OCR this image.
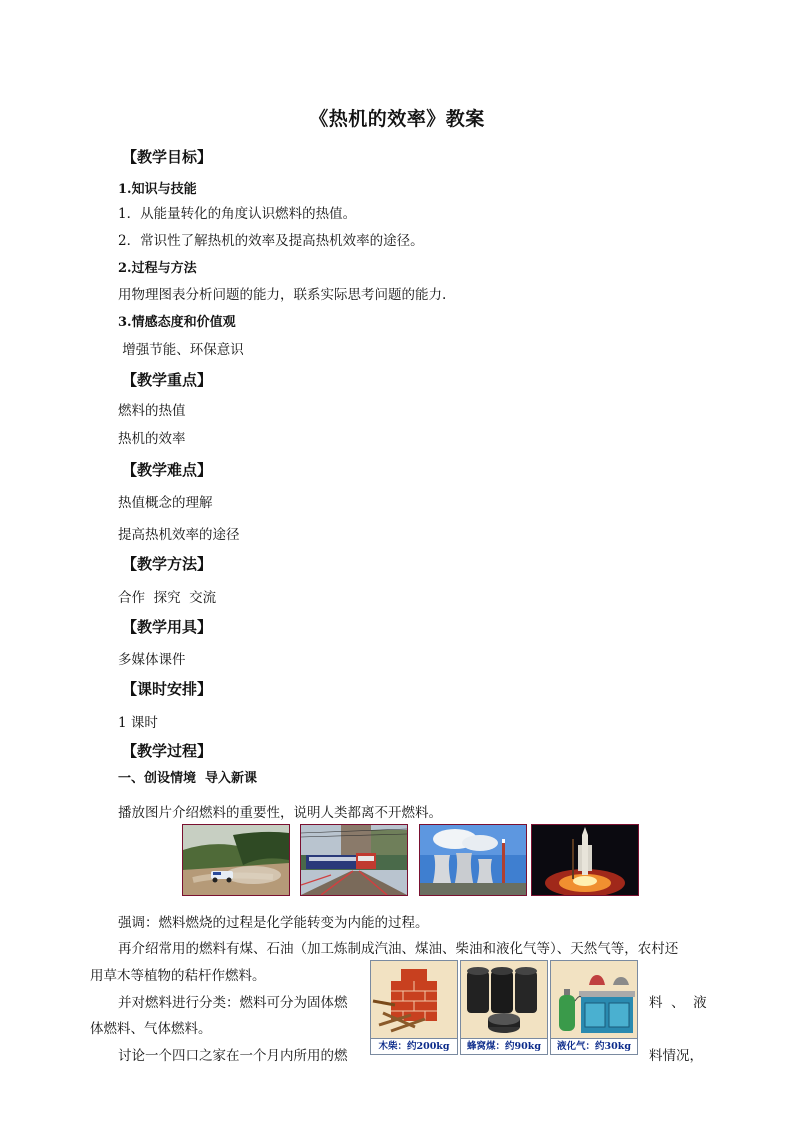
《热机的效率》教案
【教学目标】
1.知识与技能
1．从能量转化的角度认识燃料的热值。
2．常识性了解热机的效率及提高热机效率的途径。
2.过程与方法
用物理图表分析问题的能力，联系实际思考问题的能力.
3.情感态度和价值观
增强节能、环保意识
【教学重点】
燃料的热值
热机的效率
【教学难点】
热值概念的理解
提高热机效率的途径
【教学方法】
合作  探究  交流
【教学用具】
多媒体课件
【课时安排】
1 课时
【教学过程】
一、创设情境  导入新课
播放图片介绍燃料的重要性，说明人类都离不开燃料。
强调：燃料燃烧的过程是化学能转变为内能的过程。
再介绍常用的燃料有煤、石油（加工炼制成汽油、煤油、柴油和液化气等）、天然气等，农村还
用草木等植物的秸杆作燃料。
并对燃料进行分类：燃料可分为固体燃	料  、  液
体燃料、气体燃料。
讨论一个四口之家在一个月内所用的燃	料情况，
木柴：约200kg	蜂窝煤：约90kg	液化气：约30kg
